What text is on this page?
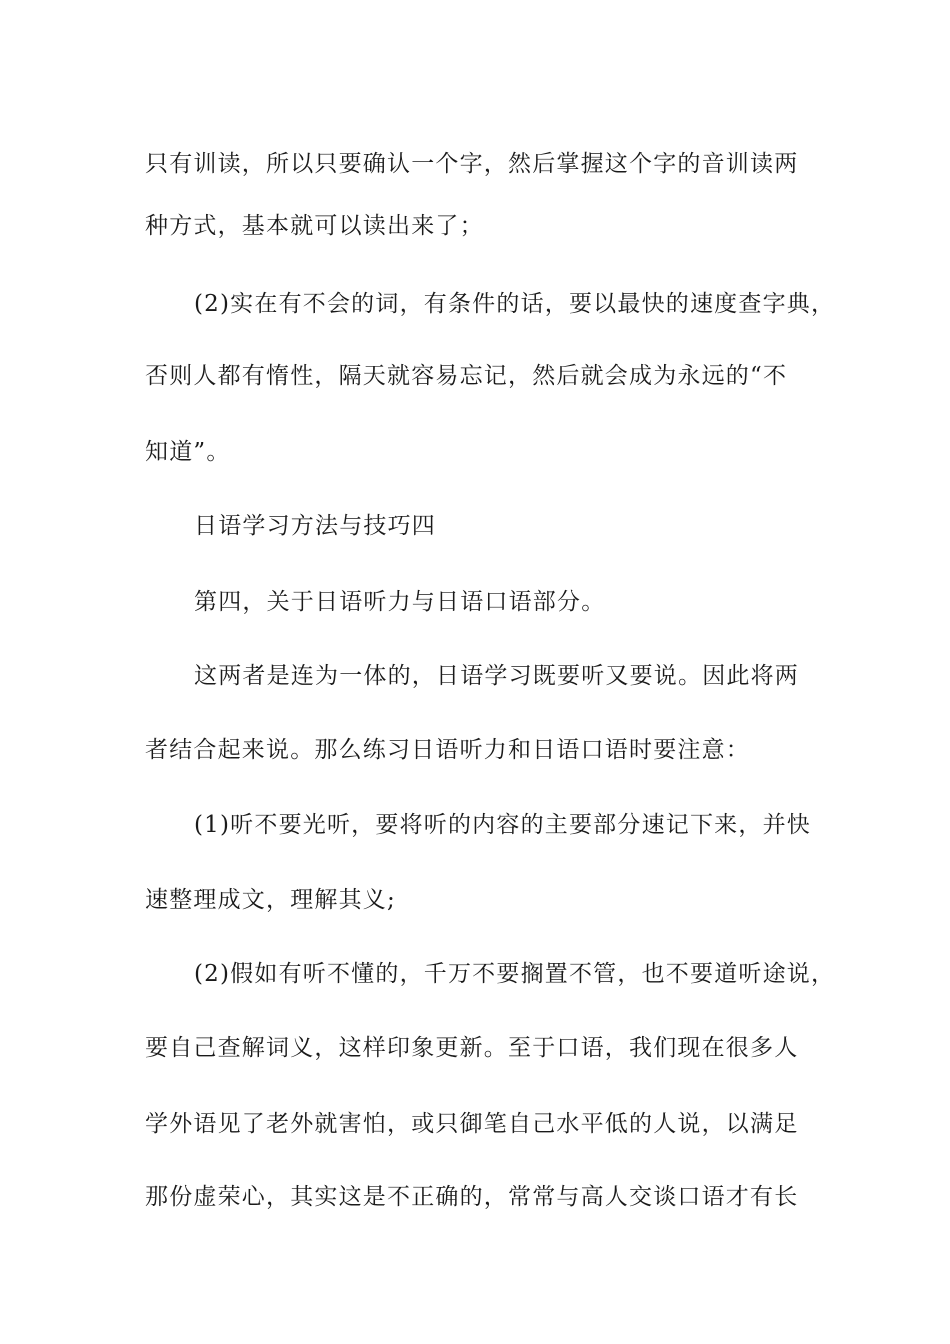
只有训读，所以只要确认一个字，然后掌握这个字的音训读两
种方式，基本就可以读出来了；
(2)实在有不会的词，有条件的话，要以最快的速度查字典，
否则人都有惰性，隔天就容易忘记，然后就会成为永远的“不
知道”。
日语学习方法与技巧四
第四，关于日语听力与日语口语部分。
这两者是连为一体的，日语学习既要听又要说。因此将两
者结合起来说。那么练习日语听力和日语口语时要注意：
(1)听不要光听，要将听的内容的主要部分速记下来，并快
速整理成文，理解其义;
(2)假如有听不懂的，千万不要搁置不管，也不要道听途说，
要自己查解词义，这样印象更新。至于口语，我们现在很多人
学外语见了老外就害怕，或只御笔自己水平低的人说，以满足
那份虚荣心，其实这是不正确的，常常与高人交谈口语才有长
